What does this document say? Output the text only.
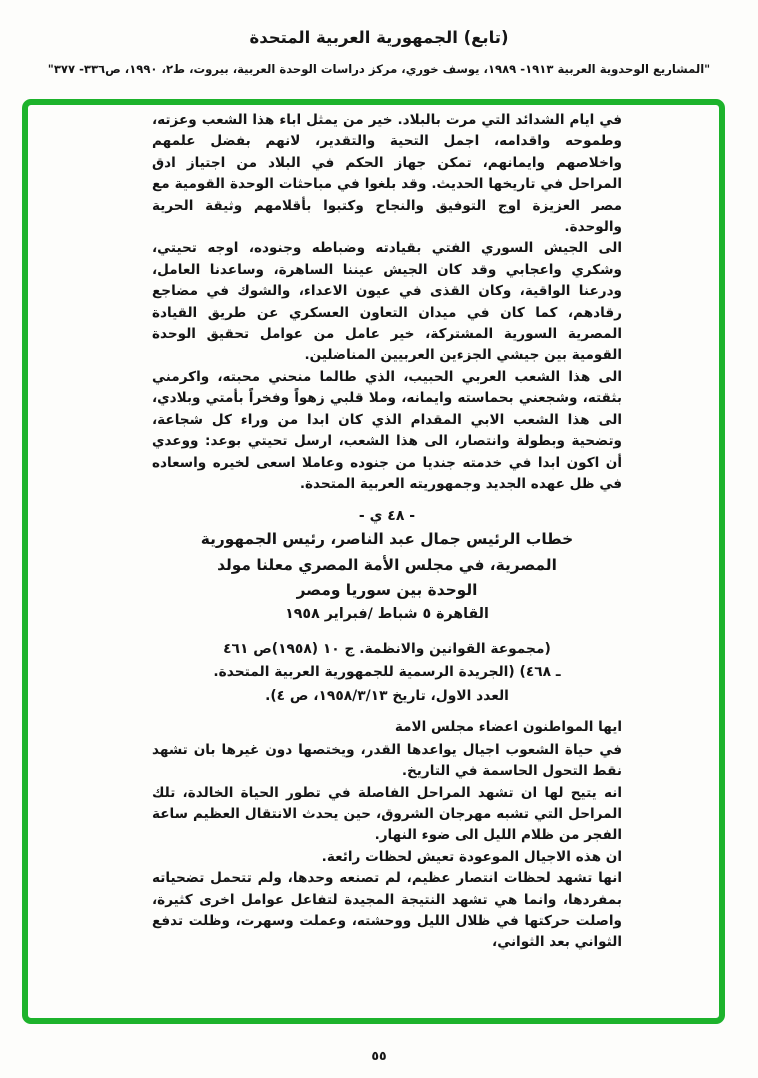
(تابع) الجمهورية العربية المتحدة
"المشاريع الوحدوية العربية ١٩١٣- ١٩٨٩، يوسف خوري، مركز دراسات الوحدة العربية، بيروت، ط٢، ١٩٩٠، ص٣٣٦- ٣٧٧"

في ايام الشدائد التي مرت بالبلاد. خير من يمثل اباء هذا الشعب وعزته، وطموحه واقدامه، اجمل التحية والتقدير، لانهم بفضل علمهم واخلاصهم وايمانهم، تمكن جهاز الحكم في البلاد من اجتياز ادق المراحل في تاريخها الحديث. وقد بلغوا في مباحثات الوحدة القومية مع مصر العزيزة اوج التوفيق والنجاح وكتبوا بأقلامهم وثيقة الحرية والوحدة.

الى الجيش السوري الفتي بقيادته وضباطه وجنوده، اوجه تحيتي، وشكري واعجابي وقد كان الجيش عيننا الساهرة، وساعدنا العامل، ودرعنا الواقية، وكان القذى في عيون الاعداء، والشوك في مضاجع رقادهم، كما كان في ميدان التعاون العسكري عن طريق القيادة المصرية السورية المشتركة، خير عامل من عوامل تحقيق الوحدة القومية بين جيشي الجزءين العربيين المناضلين.

الى هذا الشعب العربي الحبيب، الذي طالما منحني محبته، واكرمني بثقته، وشجعني بحماسته وايمانه، وملا قلبي زهواً وفخراً بأمتي وبلادي، الى هذا الشعب الابي المقدام الذي كان ابدا من وراء كل شجاعة، وتضحية وبطولة وانتصار، الى هذا الشعب، ارسل تحيتي بوعد: ووعدي أن اكون ابدا في خدمته جنديا من جنوده وعاملا اسعى لخيره واسعاده في ظل عهده الجديد وجمهوريته العربية المتحدة.

- ٤٨ ي -
خطاب الرئيس جمال عبد الناصر، رئيس الجمهورية
المصرية، في مجلس الأمة المصري معلنا مولد
الوحدة بين سوريا ومصر
القاهرة ٥ شباط /فبراير ١٩٥٨
(مجموعة القوانين والانظمة. ج ١٠ (١٩٥٨)ص ٤٦١
ـ ٤٦٨) (الجريدة الرسمية للجمهورية العربية المتحدة.
العدد الاول، تاريخ ١٩٥٨/٣/١٣، ص ٤).

ايها المواطنون اعضاء مجلس الامة

في حياة الشعوب اجيال يواعدها القدر، ويختصها دون غيرها بان تشهد نقط التحول الحاسمة في التاريخ.

انه يتيح لها ان تشهد المراحل الفاصلة في تطور الحياة الخالدة، تلك المراحل التي تشبه مهرجان الشروق، حين يحدث الانتقال العظيم ساعة الفجر من ظلام الليل الى ضوء النهار.

ان هذه الاجيال الموعودة تعيش لحظات رائعة.

انها تشهد لحظات انتصار عظيم، لم تصنعه وحدها، ولم تتحمل تضحياته بمفردها، وانما هي تشهد النتيجة المجيدة لتفاعل عوامل اخرى كثيرة، واصلت حركتها في ظلال الليل ووحشته، وعملت وسهرت، وظلت تدفع الثواني بعد الثواني،

٥٥
